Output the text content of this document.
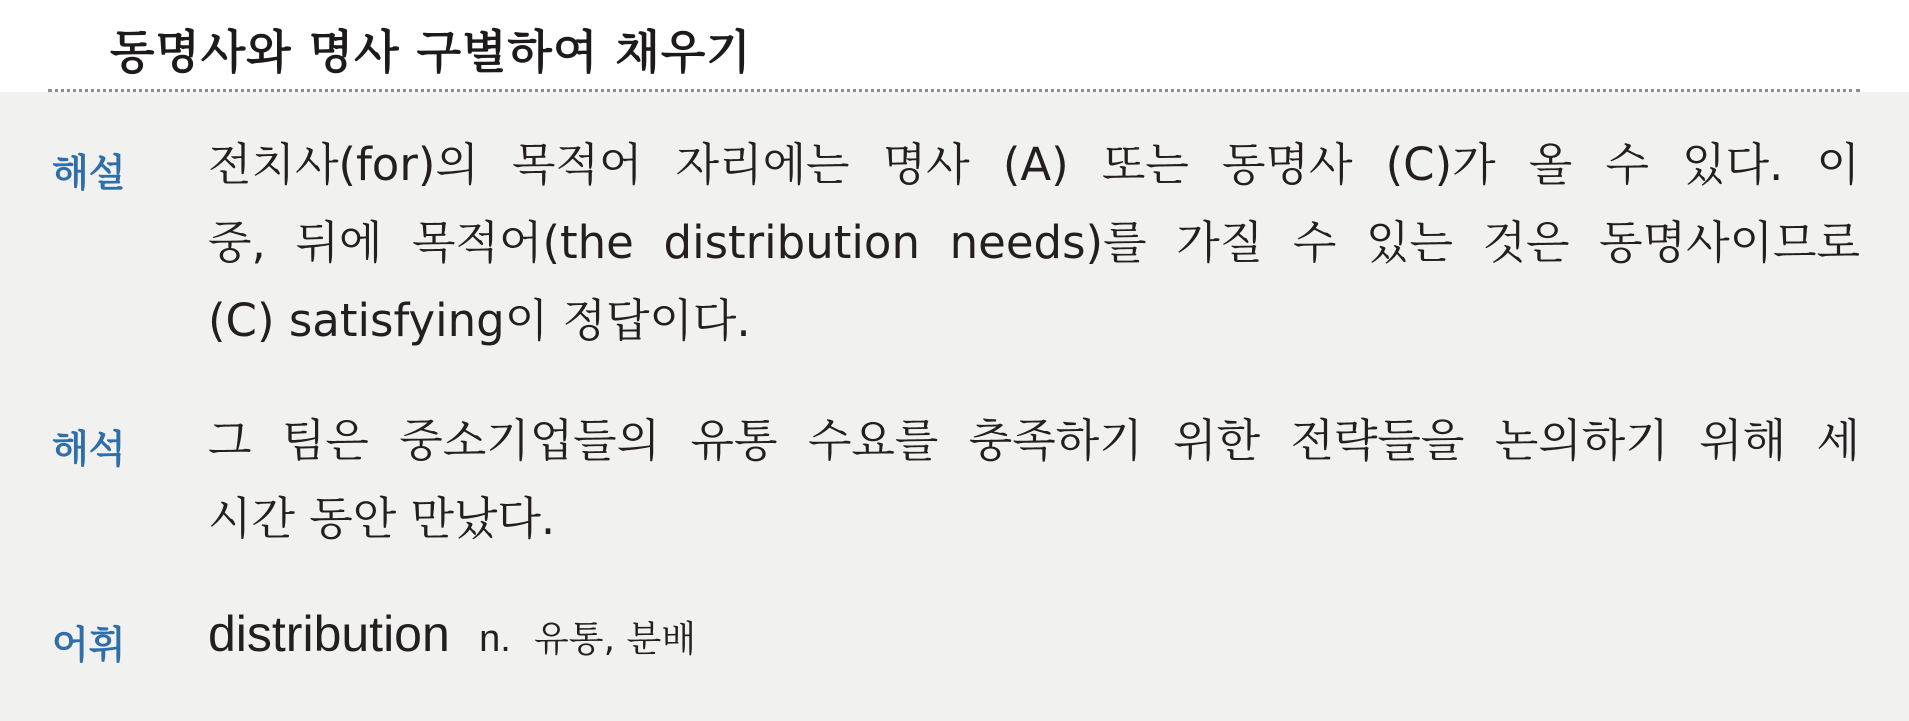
동명사와 명사 구별하여 채우기
해설 전치사(for)의 목적어 자리에는 명사 (A) 또는 동명사 (C)가 올 수 있다. 이
중, 뒤에 목적어(the distribution needs)를 가질 수 있는 것은 동명사이므로
(C) satisfying이 정답이다.
해석 그 팀은 중소기업들의 유통 수요를 충족하기 위한 전략들을 논의하기 위해 세
시간 동안 만났다.
어휘 distribution n. 유통, 분배
